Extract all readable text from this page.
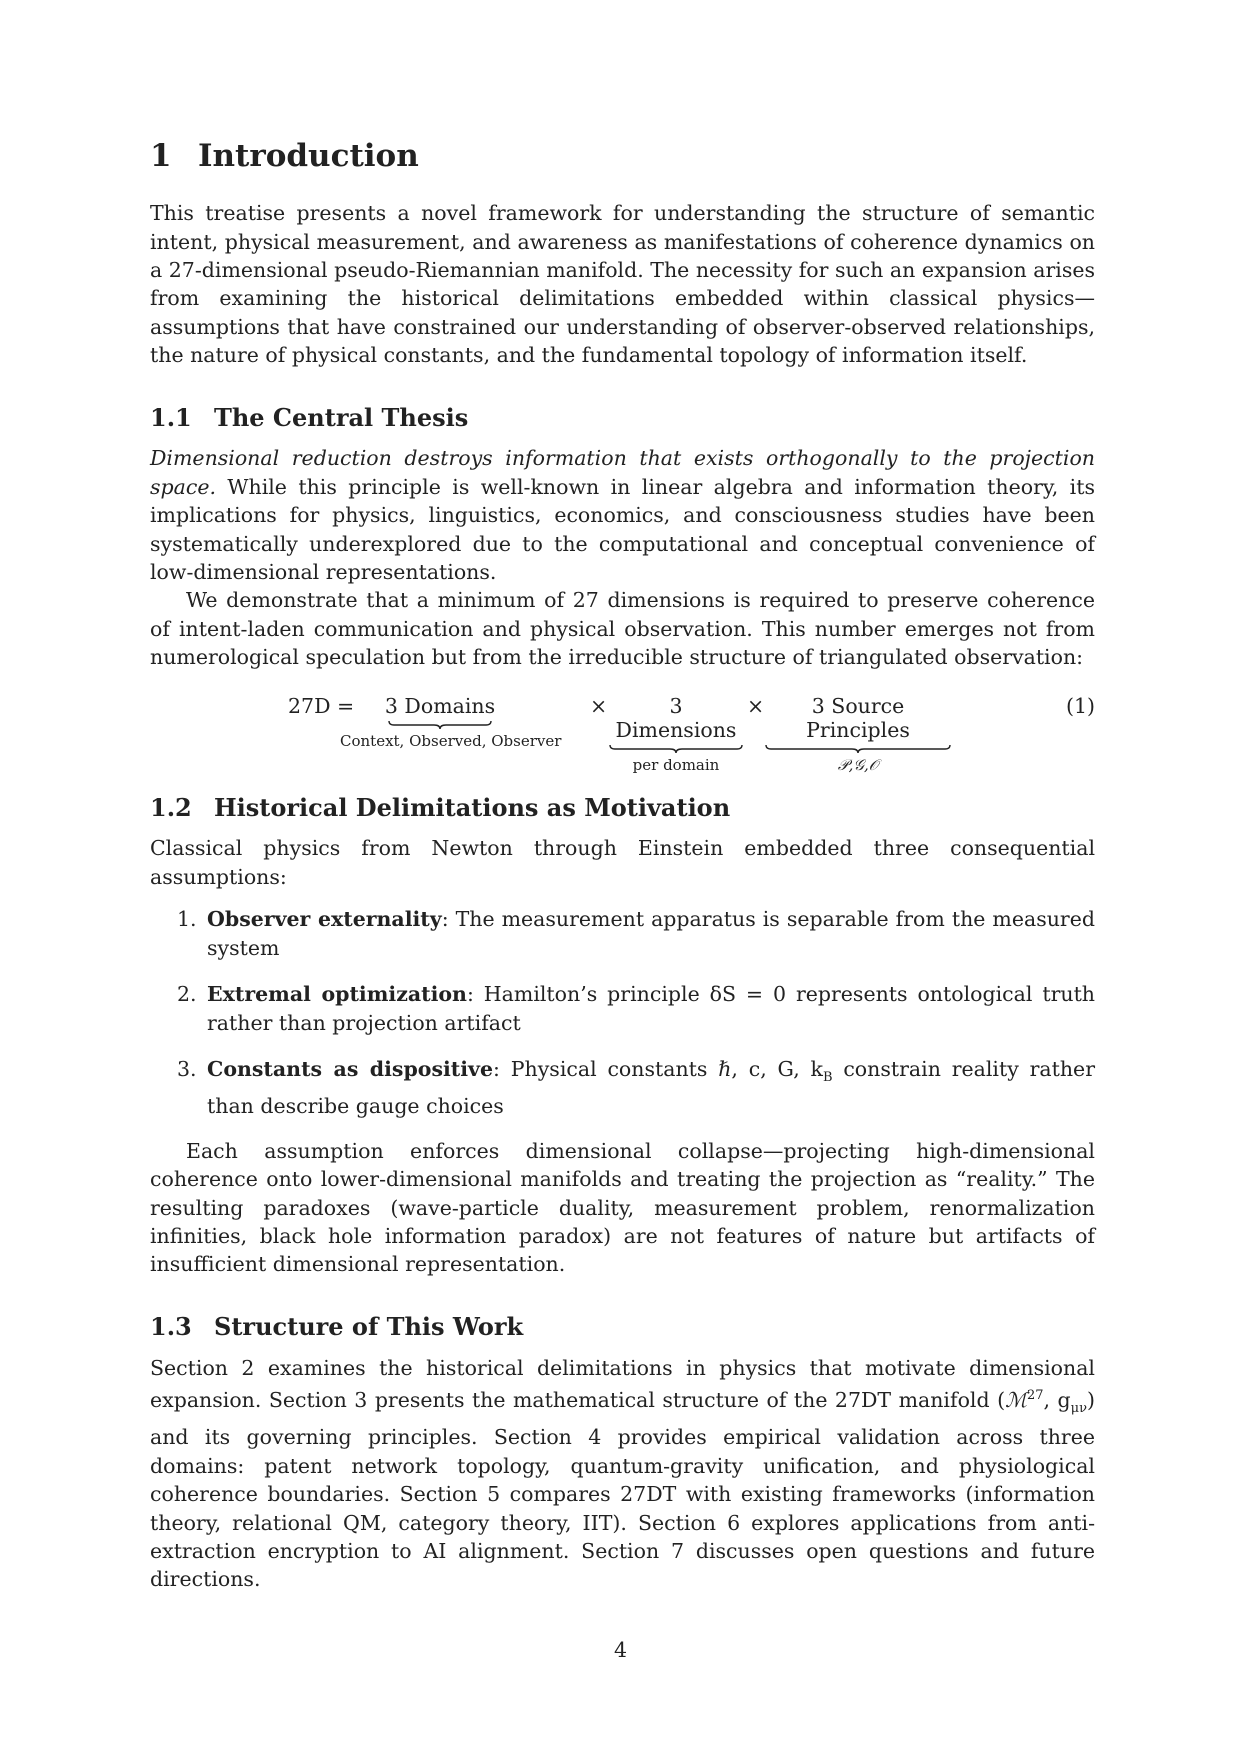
1 Introduction

This treatise presents a novel framework for understanding the structure of semantic intent, physical measurement, and awareness as manifestations of coherence dynamics on a 27-dimensional pseudo-Riemannian manifold. The necessity for such an expansion arises from examining the historical delimitations embedded within classical physics—assumptions that have constrained our understanding of observer-observed relationships, the nature of physical constants, and the fundamental topology of information itself.

1.1 The Central Thesis

Dimensional reduction destroys information that exists orthogonally to the projection space. While this principle is well-known in linear algebra and information theory, its implications for physics, linguistics, economics, and consciousness studies have been systematically underexplored due to the computational and conceptual convenience of low-dimensional representations.

We demonstrate that a minimum of 27 dimensions is required to preserve coherence of intent-laden communication and physical observation. This number emerges not from numerological speculation but from the irreducible structure of triangulated observation:

27D =	3 Domains
Context, Observed, Observer
×	3 Dimensions
per domain
×	3 Source Principles
𝒫,𝒢,𝒪
(1)
1.2 Historical Delimitations as Motivation

Classical physics from Newton through Einstein embedded three consequential assumptions:

1. Observer externality: The measurement apparatus is separable from the measured system
2. Extremal optimization: Hamilton’s principle δS = 0 represents ontological truth rather than projection artifact
3. Constants as dispositive: Physical constants ℏ, c, G, $k_B$ constrain reality rather than describe gauge choices

Each assumption enforces dimensional collapse—projecting high-dimensional coherence onto lower-dimensional manifolds and treating the projection as “reality.” The resulting paradoxes (wave-particle duality, measurement problem, renormalization infinities, black hole information paradox) are not features of nature but artifacts of insufficient dimensional representation.

1.3 Structure of This Work

Section 2 examines the historical delimitations in physics that motivate dimensional expansion. Section 3 presents the mathematical structure of the 27DT manifold (ℳ$^{27}$, $g_{\mu\nu}$) and its governing principles. Section 4 provides empirical validation across three domains: patent network topology, quantum-gravity unification, and physiological coherence boundaries. Section 5 compares 27DT with existing frameworks (information theory, relational QM, category theory, IIT). Section 6 explores applications from anti-extraction encryption to AI alignment. Section 7 discusses open questions and future directions.

4
